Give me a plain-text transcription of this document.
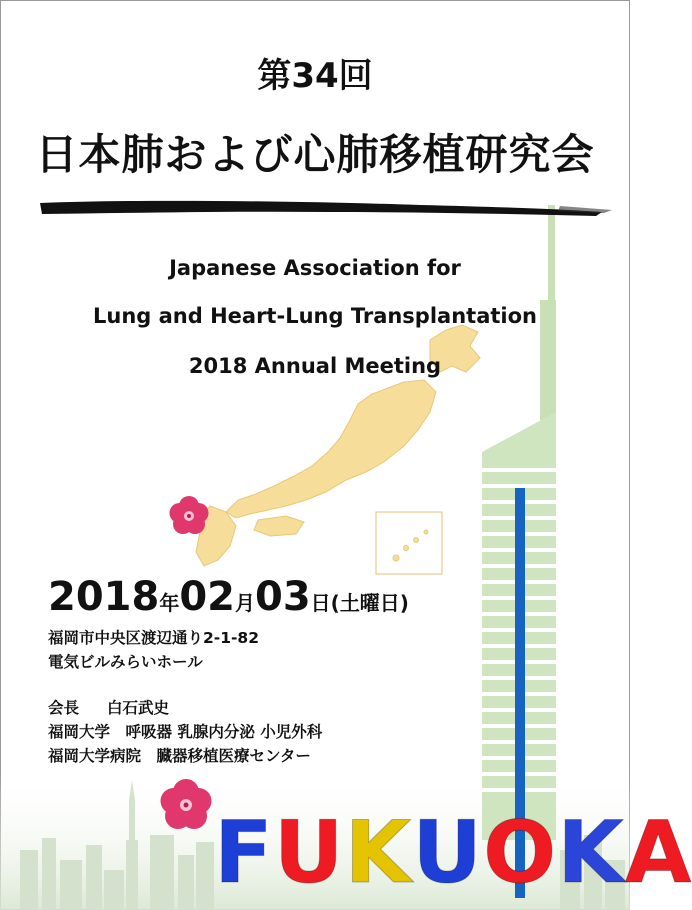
第34回
日本肺および心肺移植研究会
Japanese Association for
Lung and Heart-Lung Transplantation
2018 Annual Meeting
2018年02月03日(土曜日)
福岡市中央区渡辺通り2-1-82
電気ビルみらいホール
会長 白石武史
福岡大学　呼吸器 乳腺内分泌 小児外科
福岡大学病院　臓器移植医療センター
FUKUOKA
